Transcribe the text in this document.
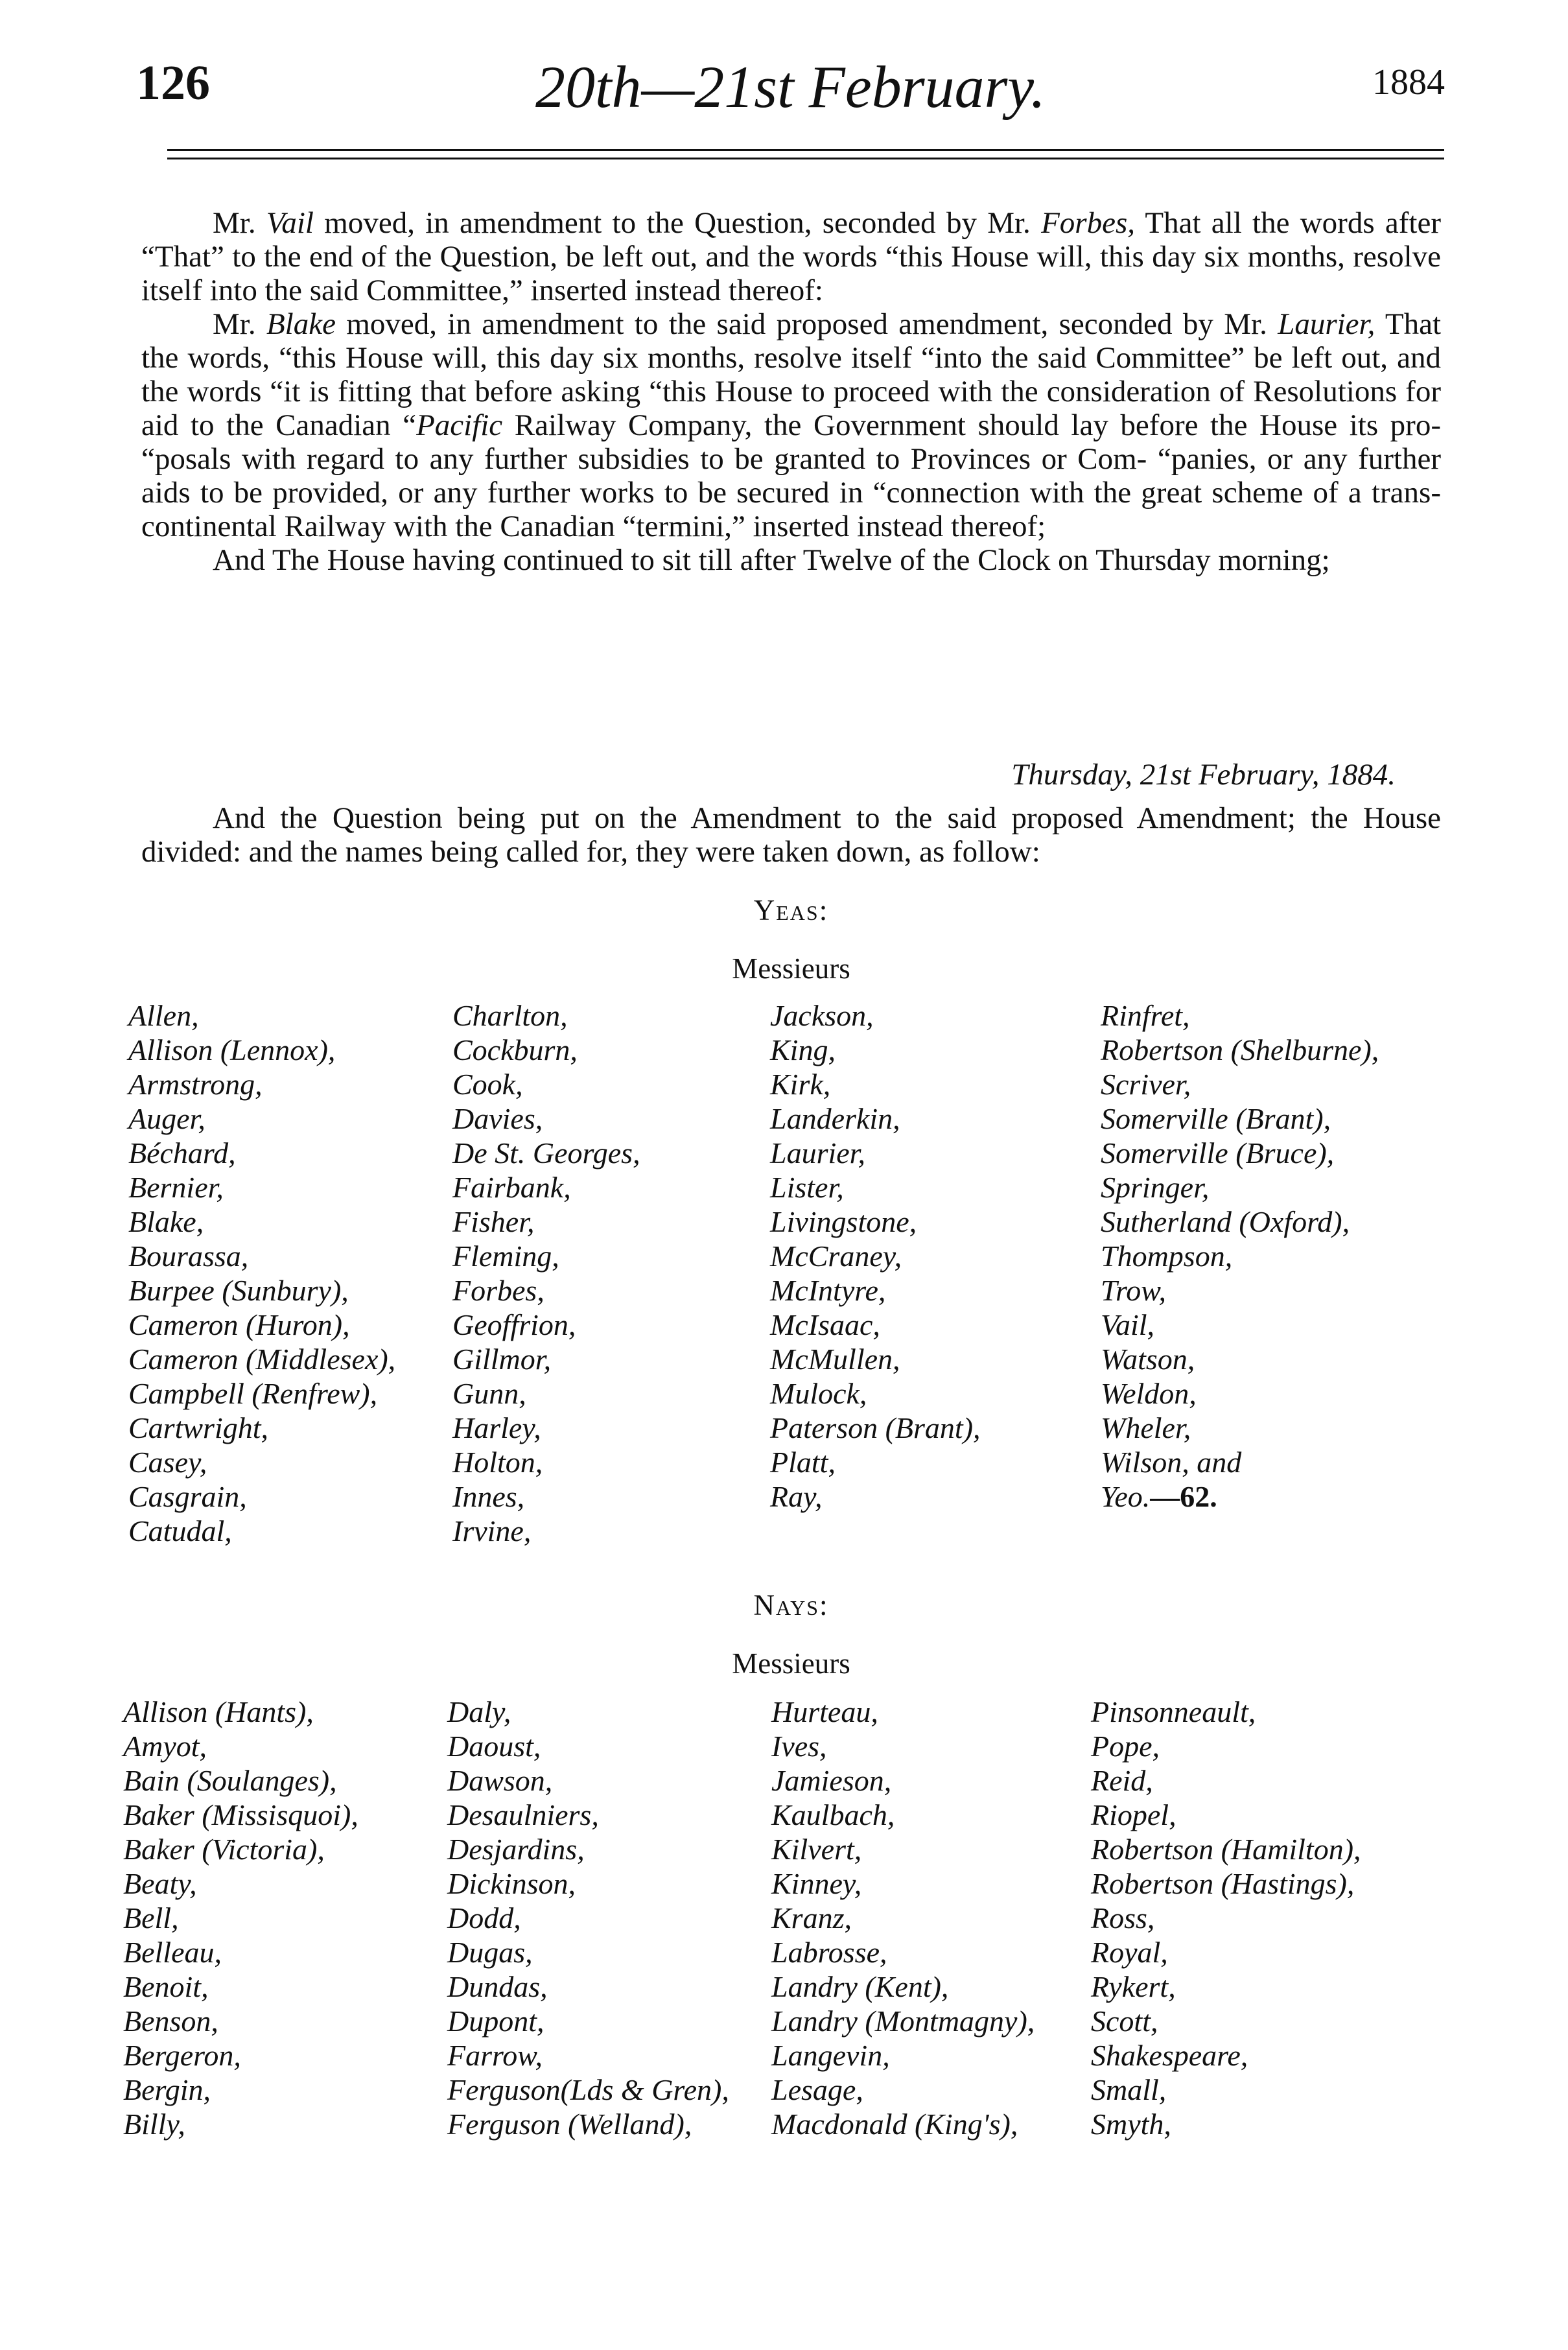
126	20th—21st February.	1884

Mr. Vail moved, in amendment to the Question, seconded by Mr. Forbes, That all the words after “That” to the end of the Question, be left out, and the words “this House will, this day six months, resolve itself into the said Committee,” inserted instead thereof:

Mr. Blake moved, in amendment to the said proposed amendment, seconded by Mr. Laurier, That the words, “this House will, this day six months, resolve itself “into the said Committee” be left out, and the words “it is fitting that before asking “this House to proceed with the consideration of Resolutions for aid to the Canadian “Pacific Railway Company, the Government should lay before the House its pro- “posals with regard to any further subsidies to be granted to Provinces or Com- “panies, or any further aids to be provided, or any further works to be secured in “connection with the great scheme of a trans-continental Railway with the Canadian “termini,” inserted instead thereof;

And The House having continued to sit till after Twelve of the Clock on Thursday morning;

Thursday, 21st February, 1884.

And the Question being put on the Amendment to the said proposed Amendment; the House divided: and the names being called for, they were taken down, as follow:

Yeas:
Messieurs
Allen,
Allison (Lennox),
Armstrong,
Auger,
Béchard,
Bernier,
Blake,
Bourassa,
Burpee (Sunbury),
Cameron (Huron),
Cameron (Middlesex),
Campbell (Renfrew),
Cartwright,
Casey,
Casgrain,
Catudal,
Charlton,
Cockburn,
Cook,
Davies,
De St. Georges,
Fairbank,
Fisher,
Fleming,
Forbes,
Geoffrion,
Gillmor,
Gunn,
Harley,
Holton,
Innes,
Irvine,
Jackson,
King,
Kirk,
Landerkin,
Laurier,
Lister,
Livingstone,
McCraney,
McIntyre,
McIsaac,
McMullen,
Mulock,
Paterson (Brant),
Platt,
Ray,
Rinfret,
Robertson (Shelburne),
Scriver,
Somerville (Brant),
Somerville (Bruce),
Springer,
Sutherland (Oxford),
Thompson,
Trow,
Vail,
Watson,
Weldon,
Wheler,
Wilson, and
Yeo.—62.
Nays:
Messieurs
Allison (Hants),
Amyot,
Bain (Soulanges),
Baker (Missisquoi),
Baker (Victoria),
Beaty,
Bell,
Belleau,
Benoit,
Benson,
Bergeron,
Bergin,
Billy,
Daly,
Daoust,
Dawson,
Desaulniers,
Desjardins,
Dickinson,
Dodd,
Dugas,
Dundas,
Dupont,
Farrow,
Ferguson(Lds & Gren),
Ferguson (Welland),
Hurteau,
Ives,
Jamieson,
Kaulbach,
Kilvert,
Kinney,
Kranz,
Labrosse,
Landry (Kent),
Landry (Montmagny),
Langevin,
Lesage,
Macdonald (King's),
Pinsonneault,
Pope,
Reid,
Riopel,
Robertson (Hamilton),
Robertson (Hastings),
Ross,
Royal,
Rykert,
Scott,
Shakespeare,
Small,
Smyth,
